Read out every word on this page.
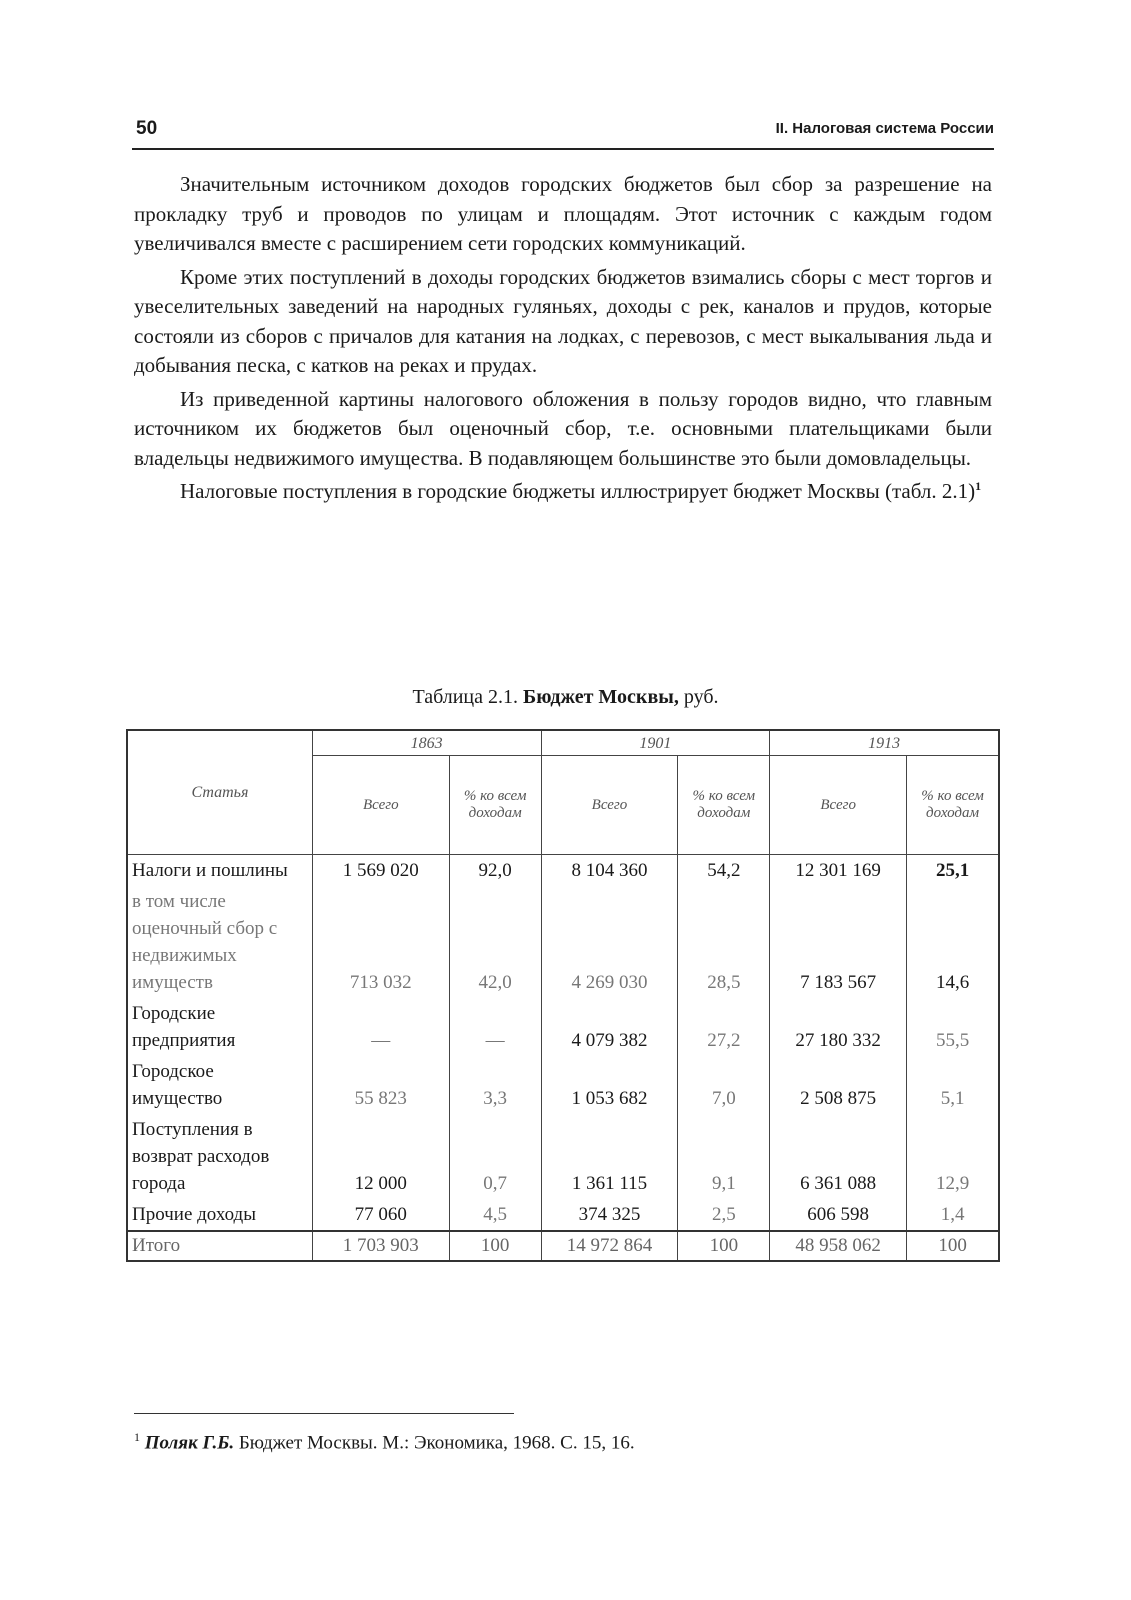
50	II. Налоговая система России

Значительным источником доходов городских бюджетов был сбор за разрешение на прокладку труб и проводов по улицам и площадям. Этот источник с каждым годом увеличивался вместе с расширением сети городских коммуникаций.

Кроме этих поступлений в доходы городских бюджетов взимались сборы с мест торгов и увеселительных заведений на народных гуляньях, доходы с рек, каналов и прудов, которые состояли из сборов с причалов для катания на лодках, с перевозов, с мест выкалывания льда и добывания песка, с катков на реках и прудах.

Из приведенной картины налогового обложения в пользу городов видно, что главным источником их бюджетов был оценочный сбор, т.е. основными плательщиками были владельцы недвижимого имущества. В подавляющем большинстве это были домовладельцы.

Налоговые поступления в городские бюджеты иллюстрирует бюджет Москвы (табл. 2.1)$^1$

Таблица 2.1. Бюджет Москвы, руб.
Статья	1863		1901		1913	
	Всего	% ко всем доходам	Всего	% ко всем доходам	Всего	% ко всем доходам
Налоги и пошлины	1 569 020	92,0	8 104 360	54,2	12 301 169	25,1
в том числе оценочный сбор с недвижимых имуществ	713 032	42,0	4 269 030	28,5	7 183 567	14,6
Городские предприятия	—	—	4 079 382	27,2	27 180 332	55,5
Городское имущество	55 823	3,3	1 053 682	7,0	2 508 875	5,1
Поступления в возврат расходов города	12 000	0,7	1 361 115	9,1	6 361 088	12,9
Прочие доходы	77 060	4,5	374 325	2,5	606 598	1,4
Итого	1 703 903	100	14 972 864	100	48 958 062	100
$^1$ Поляк Г.Б. Бюджет Москвы. М.: Экономика, 1968. С. 15, 16.
